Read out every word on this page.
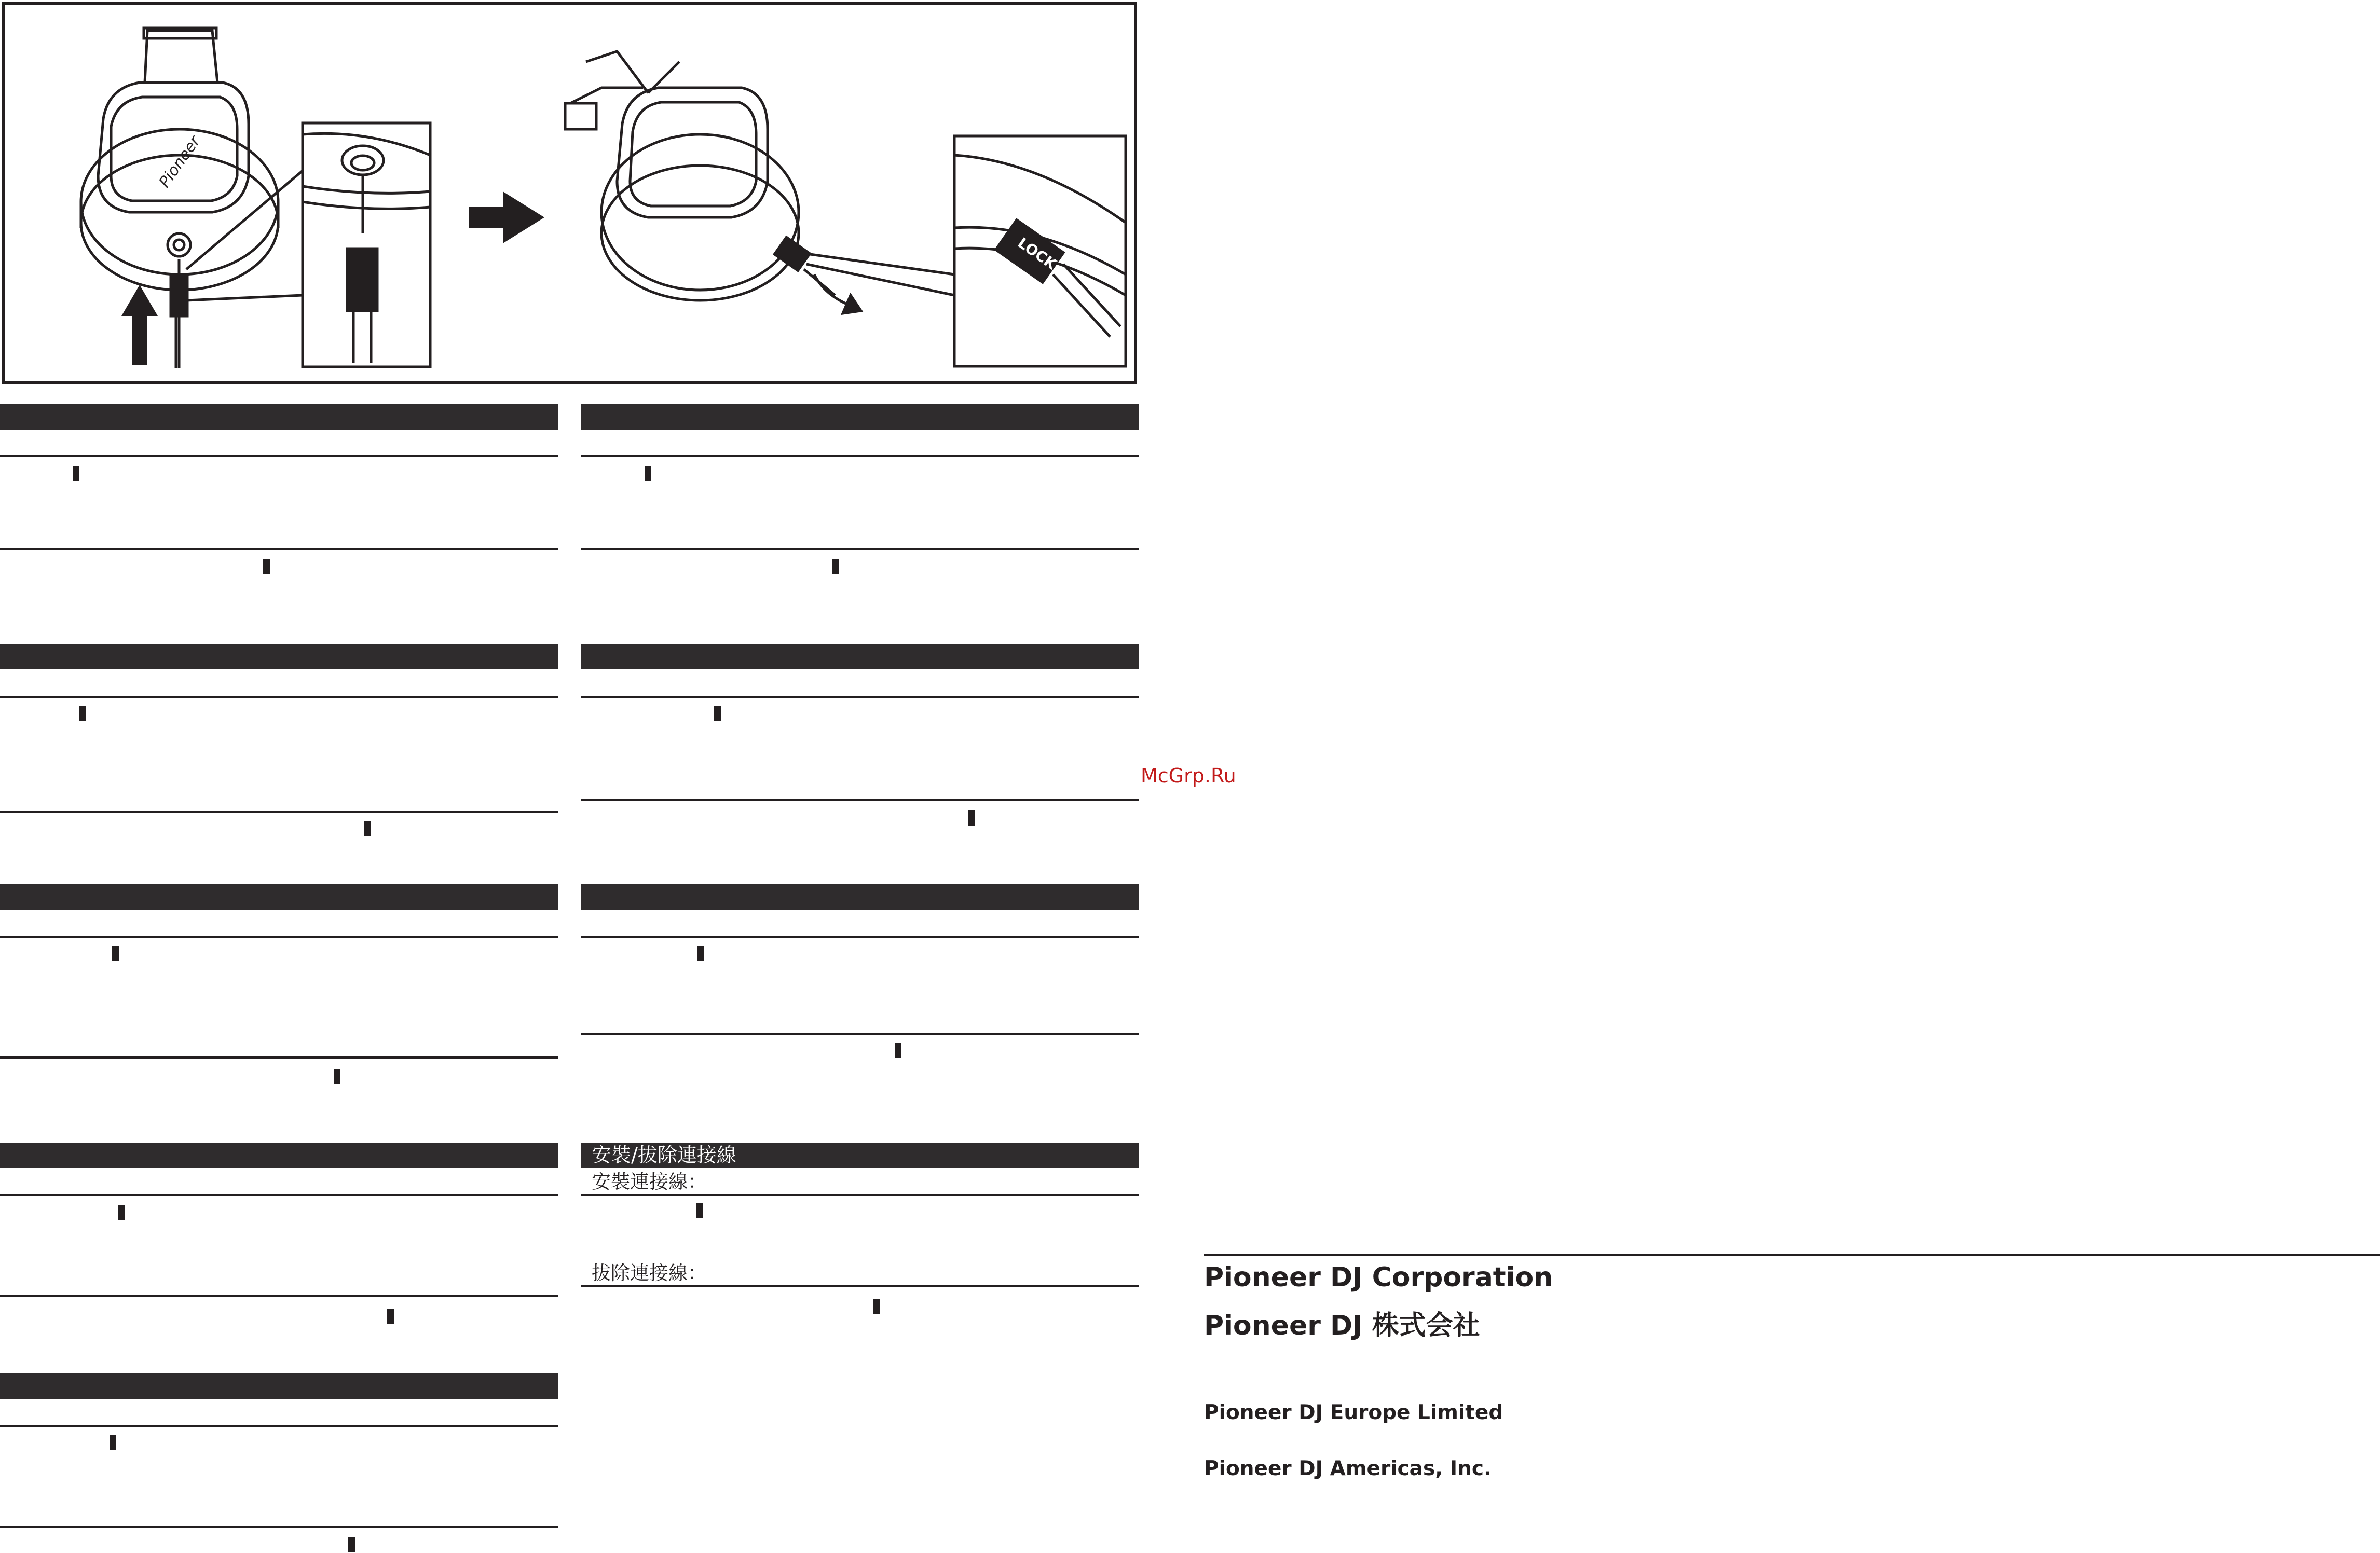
Pioneer
LOCK
安裝/拔除連接線
安裝連接線：
拔除連接線：
McGrp.Ru
Pioneer DJ Corporation
Pioneer DJ 株式会社
Pioneer DJ Europe Limited
Pioneer DJ Americas, Inc.
